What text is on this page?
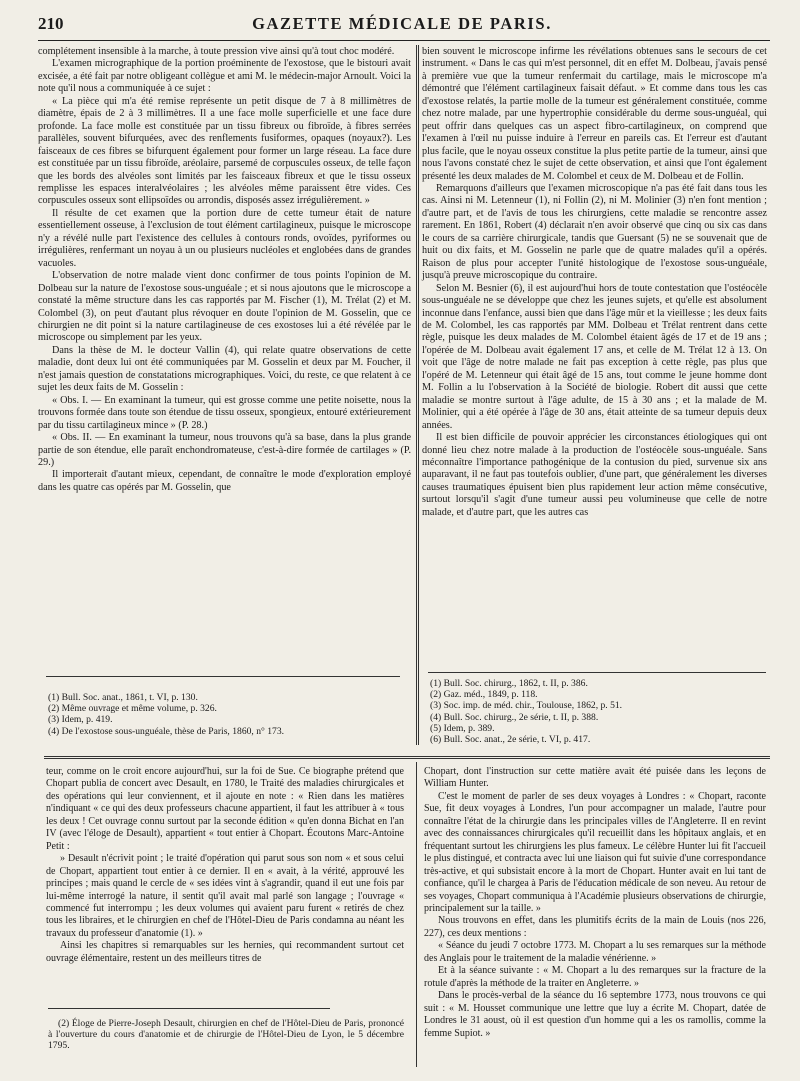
210	GAZETTE MÉDICALE DE PARIS.

complétement insensible à la marche, à toute pression vive ainsi qu'à tout choc modéré.

L'examen micrographique de la portion proéminente de l'exostose, que le bistouri avait excisée, a été fait par notre obligeant collègue et ami M. le médecin-major Arnoult. Voici la note qu'il nous a communiquée à ce sujet :

« La pièce qui m'a été remise représente un petit disque de 7 à 8 millimètres de diamètre, épais de 2 à 3 millimètres. Il a une face molle superficielle et une face dure profonde. La face molle est constituée par un tissu fibreux ou fibroïde, à fibres serrées parallèles, souvent bifurquées, avec des renflements fusiformes, opaques (noyaux?). Les faisceaux de ces fibres se bifurquent également pour former un large réseau. La face dure est constituée par un tissu fibroïde, aréolaire, parsemé de corpuscules osseux, de telle façon que les bords des alvéoles sont limités par les faisceaux fibreux et que le tissu osseux remplisse les espaces interalvéolaires ; les alvéoles même paraissent être vides. Ces corpuscules osseux sont ellipsoïdes ou arrondis, disposés assez irrégulièrement. »

Il résulte de cet examen que la portion dure de cette tumeur était de nature essentiellement osseuse, à l'exclusion de tout élément cartilagineux, puisque le microscope n'y a révélé nulle part l'existence des cellules à contours ronds, ovoïdes, pyriformes ou irrégulières, renfermant un noyau à un ou plusieurs nucléoles et englobées dans de grandes vacuoles.

L'observation de notre malade vient donc confirmer de tous points l'opinion de M. Dolbeau sur la nature de l'exostose sous-unguéale ; et si nous ajoutons que le microscope a constaté la même structure dans les cas rapportés par M. Fischer (1), M. Trélat (2) et M. Colombel (3), on peut d'autant plus révoquer en doute l'opinion de M. Gosselin, que ce chirurgien ne dit point si la nature cartilagineuse de ces exostoses lui a été révélée par le microscope ou simplement par les yeux.

Dans la thèse de M. le docteur Vallin (4), qui relate quatre observations de cette maladie, dont deux lui ont été communiquées par M. Gosselin et deux par M. Foucher, il n'est jamais question de constatations micrographiques. Voici, du reste, ce que relatent à ce sujet les deux faits de M. Gosselin :

« Obs. I. — En examinant la tumeur, qui est grosse comme une petite noisette, nous la trouvons formée dans toute son étendue de tissu osseux, spongieux, entouré extérieurement par du tissu cartilagineux mince » (P. 28.)

« Obs. II. — En examinant la tumeur, nous trouvons qu'à sa base, dans la plus grande partie de son étendue, elle paraît enchondromateuse, c'est-à-dire formée de cartilages » (P. 29.)

Il importerait d'autant mieux, cependant, de connaître le mode d'exploration employé dans les quatre cas opérés par M. Gosselin, que

bien souvent le microscope infirme les révélations obtenues sans le secours de cet instrument. « Dans le cas qui m'est personnel, dit en effet M. Dolbeau, j'avais pensé à première vue que la tumeur renfermait du cartilage, mais le microscope m'a démontré que l'élément cartilagineux faisait défaut. » Et comme dans tous les cas d'exostose relatés, la partie molle de la tumeur est généralement constituée, comme chez notre malade, par une hypertrophie considérable du derme sous-unguéal, qui peut offrir dans quelques cas un aspect fibro-cartilagineux, on comprend que l'examen à l'œil nu puisse induire à l'erreur en pareils cas. Et l'erreur est d'autant plus facile, que le noyau osseux constitue la plus petite partie de la tumeur, ainsi que nous l'avons constaté chez le sujet de cette observation, et ainsi que l'ont également présenté les deux malades de M. Colombel et ceux de M. Dolbeau et de Follin.

Remarquons d'ailleurs que l'examen microscopique n'a pas été fait dans tous les cas. Ainsi ni M. Letenneur (1), ni Follin (2), ni M. Molinier (3) n'en font mention ; d'autre part, et de l'avis de tous les chirurgiens, cette maladie se rencontre assez rarement. En 1861, Robert (4) déclarait n'en avoir observé que cinq ou six cas dans le cours de sa carrière chirurgicale, tandis que Guersant (5) ne se souvenait que de huit ou dix faits, et M. Gosselin ne parle que de quatre malades qu'il a opérés. Raison de plus pour accepter l'unité histologique de l'exostose sous-unguéale, jusqu'à preuve microscopique du contraire.

Selon M. Besnier (6), il est aujourd'hui hors de toute contestation que l'ostéocèle sous-unguéale ne se développe que chez les jeunes sujets, et qu'elle est absolument inconnue dans l'enfance, aussi bien que dans l'âge mûr et la vieillesse ; les deux faits de M. Colombel, les cas rapportés par MM. Dolbeau et Trélat rentrent dans cette règle, puisque les deux malades de M. Colombel étaient âgés de 17 et de 19 ans ; l'opérée de M. Dolbeau avait également 17 ans, et celle de M. Trélat 12 à 13. On voit que l'âge de notre malade ne fait pas exception à cette règle, pas plus que l'opéré de M. Letenneur qui était âgé de 15 ans, tout comme le jeune homme dont M. Follin a lu l'observation à la Société de biologie. Robert dit aussi que cette maladie se montre surtout à l'âge adulte, de 15 à 30 ans ; et la malade de M. Molinier, qui a été opérée à l'âge de 30 ans, était atteinte de sa tumeur depuis deux années.

Il est bien difficile de pouvoir apprécier les circonstances étiologiques qui ont donné lieu chez notre malade à la production de l'ostéocèle sous-unguéale. Sans méconnaître l'importance pathogénique de la contusion du pied, survenue six ans auparavant, il ne faut pas toutefois oublier, d'une part, que généralement les diverses causes traumatiques épuisent bien plus rapidement leur action même consécutive, surtout lorsqu'il s'agit d'une tumeur aussi peu volumineuse que celle de notre malade, et d'autre part, que les autres cas

(1) Bull. Soc. anat., 1861, t. VI, p. 130.
(2) Même ouvrage et même volume, p. 326.
(3) Idem, p. 419.
(4) De l'exostose sous-unguéale, thèse de Paris, 1860, n° 173.
(1) Bull. Soc. chirurg., 1862, t. II, p. 386.
(2) Gaz. méd., 1849, p. 118.
(3) Soc. imp. de méd. chir., Toulouse, 1862, p. 51.
(4) Bull. Soc. chirurg., 2e série, t. II, p. 388.
(5) Idem, p. 389.
(6) Bull. Soc. anat., 2e série, t. VI, p. 417.

teur, comme on le croit encore aujourd'hui, sur la foi de Sue. Ce biographe prétend que Chopart publia de concert avec Desault, en 1780, le Traité des maladies chirurgicales et des opérations qui leur conviennent, et il ajoute en note : « Rien dans les matières n'indiquant « ce qui des deux professeurs chacune appartient, il faut les attribuer à « tous les deux ! Cet ouvrage connu surtout par la seconde édition « qu'en donna Bichat en l'an IV (avec l'éloge de Desault), appartient « tout entier à Chopart. Écoutons Marc-Antoine Petit :

» Desault n'écrivit point ; le traité d'opération qui parut sous son nom « et sous celui de Chopart, appartient tout entier à ce dernier. Il en « avait, à la vérité, approuvé les principes ; mais quand le cercle de « ses idées vint à s'agrandir, quand il eut une fois par lui-même interrogé la nature, il sentit qu'il avait mal parlé son langage ; l'ouvrage « commencé fut interrompu ; les deux volumes qui avaient paru furent « retirés de chez tous les libraires, et le chirurgien en chef de l'Hôtel-Dieu de Paris condamna au néant les travaux du professeur d'anatomie (1). »

Ainsi les chapitres si remarquables sur les hernies, qui recommandent surtout cet ouvrage élémentaire, restent un des meilleurs titres de

(2) Éloge de Pierre-Joseph Desault, chirurgien en chef de l'Hôtel-Dieu de Paris, prononcé à l'ouverture du cours d'anatomie et de chirurgie de l'Hôtel-Dieu de Lyon, le 5 décembre 1795.

Chopart, dont l'instruction sur cette matière avait été puisée dans les leçons de William Hunter.

C'est le moment de parler de ses deux voyages à Londres : « Chopart, raconte Sue, fit deux voyages à Londres, l'un pour accompagner un malade, l'autre pour connaître l'état de la chirurgie dans les principales villes de l'Angleterre. Il en revint avec des connaissances chirurgicales qu'il recueillit dans les hôpitaux anglais, et en fréquentant surtout les chirurgiens les plus fameux. Le célèbre Hunter lui fit l'accueil le plus distingué, et contracta avec lui une liaison qui fut suivie d'une correspondance très-active, et qui subsistait encore à la mort de Chopart. Hunter avait en lui tant de confiance, qu'il le chargea à Paris de l'éducation médicale de son neveu. Au retour de ses voyages, Chopart communiqua à l'Académie plusieurs observations de chirurgie, principalement sur la taille. »

Nous trouvons en effet, dans les plumitifs écrits de la main de Louis (nos 226, 227), ces deux mentions :

« Séance du jeudi 7 octobre 1773. M. Chopart a lu ses remarques sur la méthode des Anglais pour le traitement de la maladie vénérienne. »

Et à la séance suivante : « M. Chopart a lu des remarques sur la fracture de la rotule d'après la méthode de la traiter en Angleterre. »

Dans le procès-verbal de la séance du 16 septembre 1773, nous trouvons ce qui suit : « M. Housset communique une lettre que luy a écrite M. Chopart, datée de Londres le 31 aoust, où il est question d'un homme qui a les os ramollis, comme la femme Supiot. »
